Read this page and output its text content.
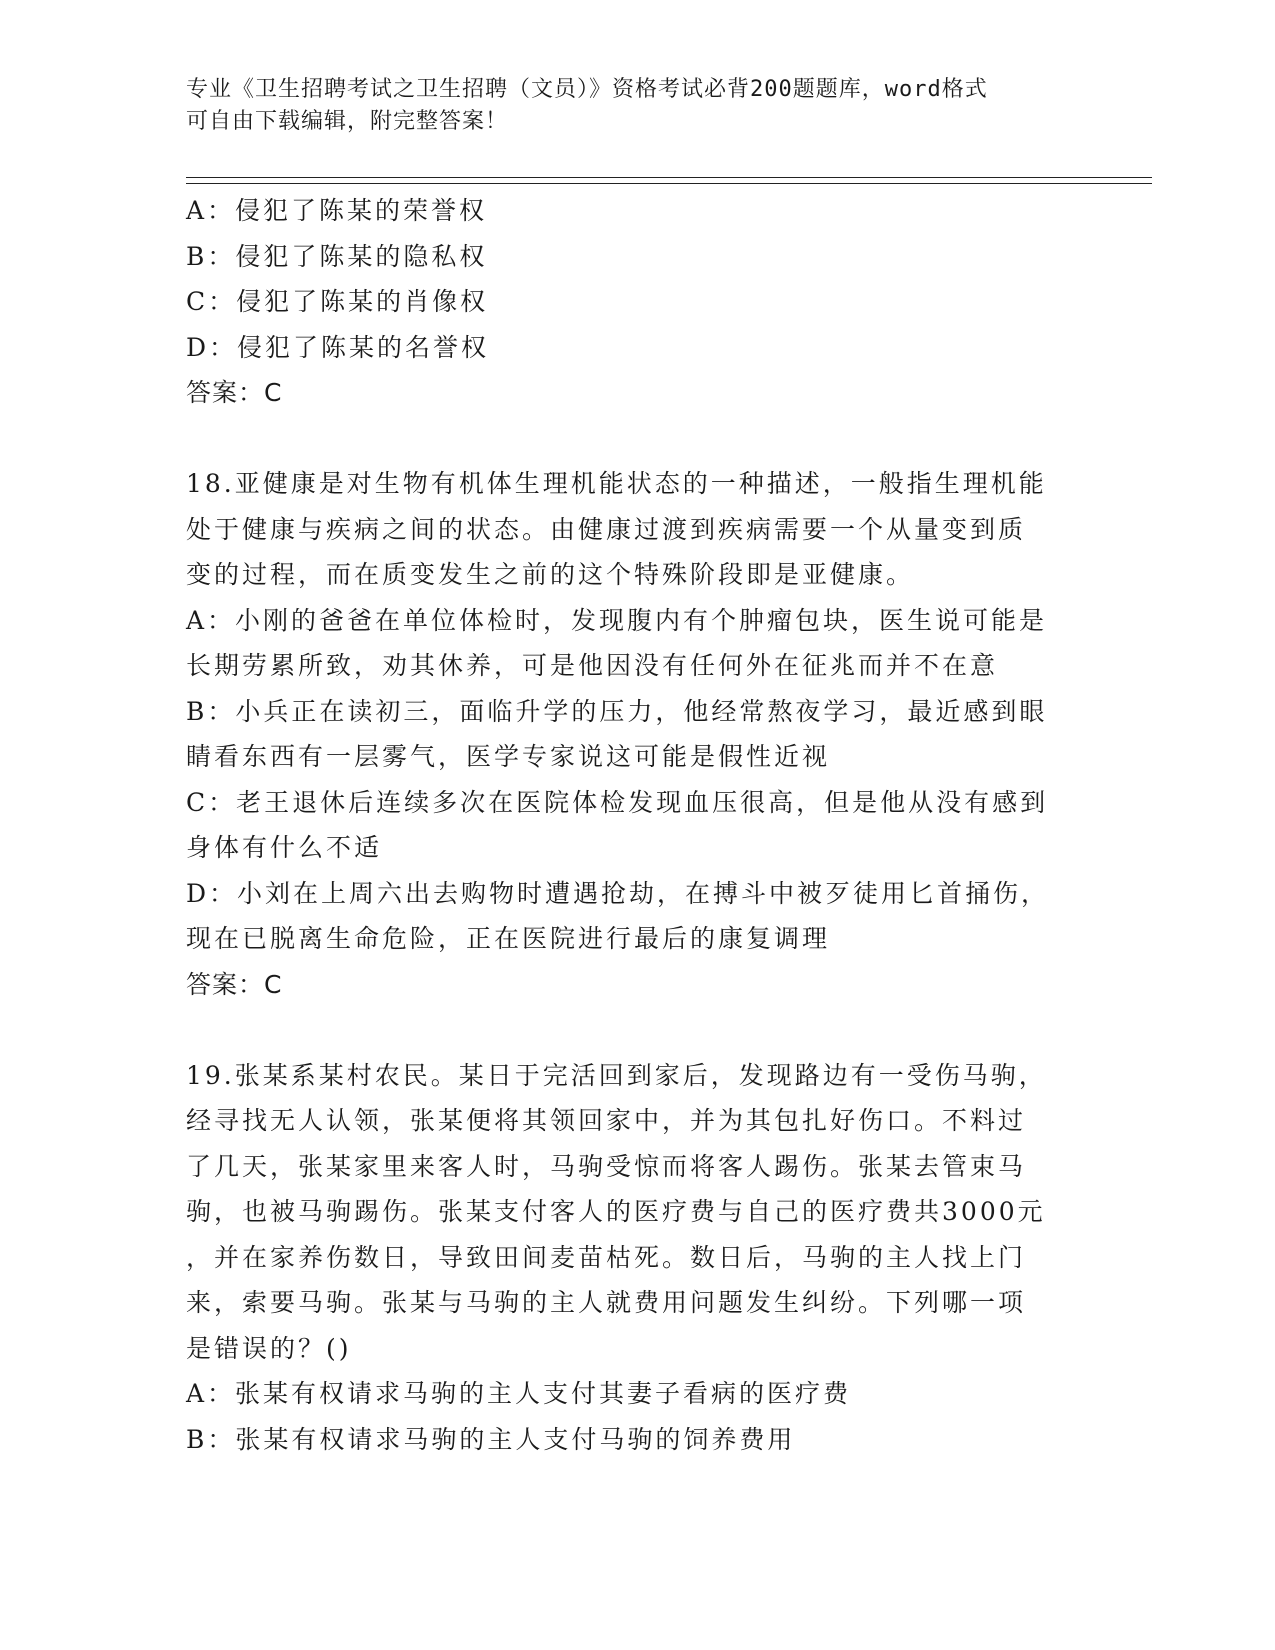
专业《卫生招聘考试之卫生招聘（文员）》资格考试必背200题题库，word格式
可自由下载编辑，附完整答案！
A：侵犯了陈某的荣誉权
B：侵犯了陈某的隐私权
C：侵犯了陈某的肖像权
D：侵犯了陈某的名誉权
答案：C
18.亚健康是对生物有机体生理机能状态的一种描述，一般指生理机能
处于健康与疾病之间的状态。由健康过渡到疾病需要一个从量变到质
变的过程，而在质变发生之前的这个特殊阶段即是亚健康。
A：小刚的爸爸在单位体检时，发现腹内有个肿瘤包块，医生说可能是
长期劳累所致，劝其休养，可是他因没有任何外在征兆而并不在意
B：小兵正在读初三，面临升学的压力，他经常熬夜学习，最近感到眼
睛看东西有一层雾气，医学专家说这可能是假性近视
C：老王退休后连续多次在医院体检发现血压很高，但是他从没有感到
身体有什么不适
D：小刘在上周六出去购物时遭遇抢劫，在搏斗中被歹徒用匕首捅伤，
现在已脱离生命危险，正在医院进行最后的康复调理
答案：C
19.张某系某村农民。某日于完活回到家后，发现路边有一受伤马驹，
经寻找无人认领，张某便将其领回家中，并为其包扎好伤口。不料过
了几天，张某家里来客人时，马驹受惊而将客人踢伤。张某去管束马
驹，也被马驹踢伤。张某支付客人的医疗费与自己的医疗费共3000元
，并在家养伤数日，导致田间麦苗枯死。数日后，马驹的主人找上门
来，索要马驹。张某与马驹的主人就费用问题发生纠纷。下列哪一项
是错误的？()
A：张某有权请求马驹的主人支付其妻子看病的医疗费
B：张某有权请求马驹的主人支付马驹的饲养费用
